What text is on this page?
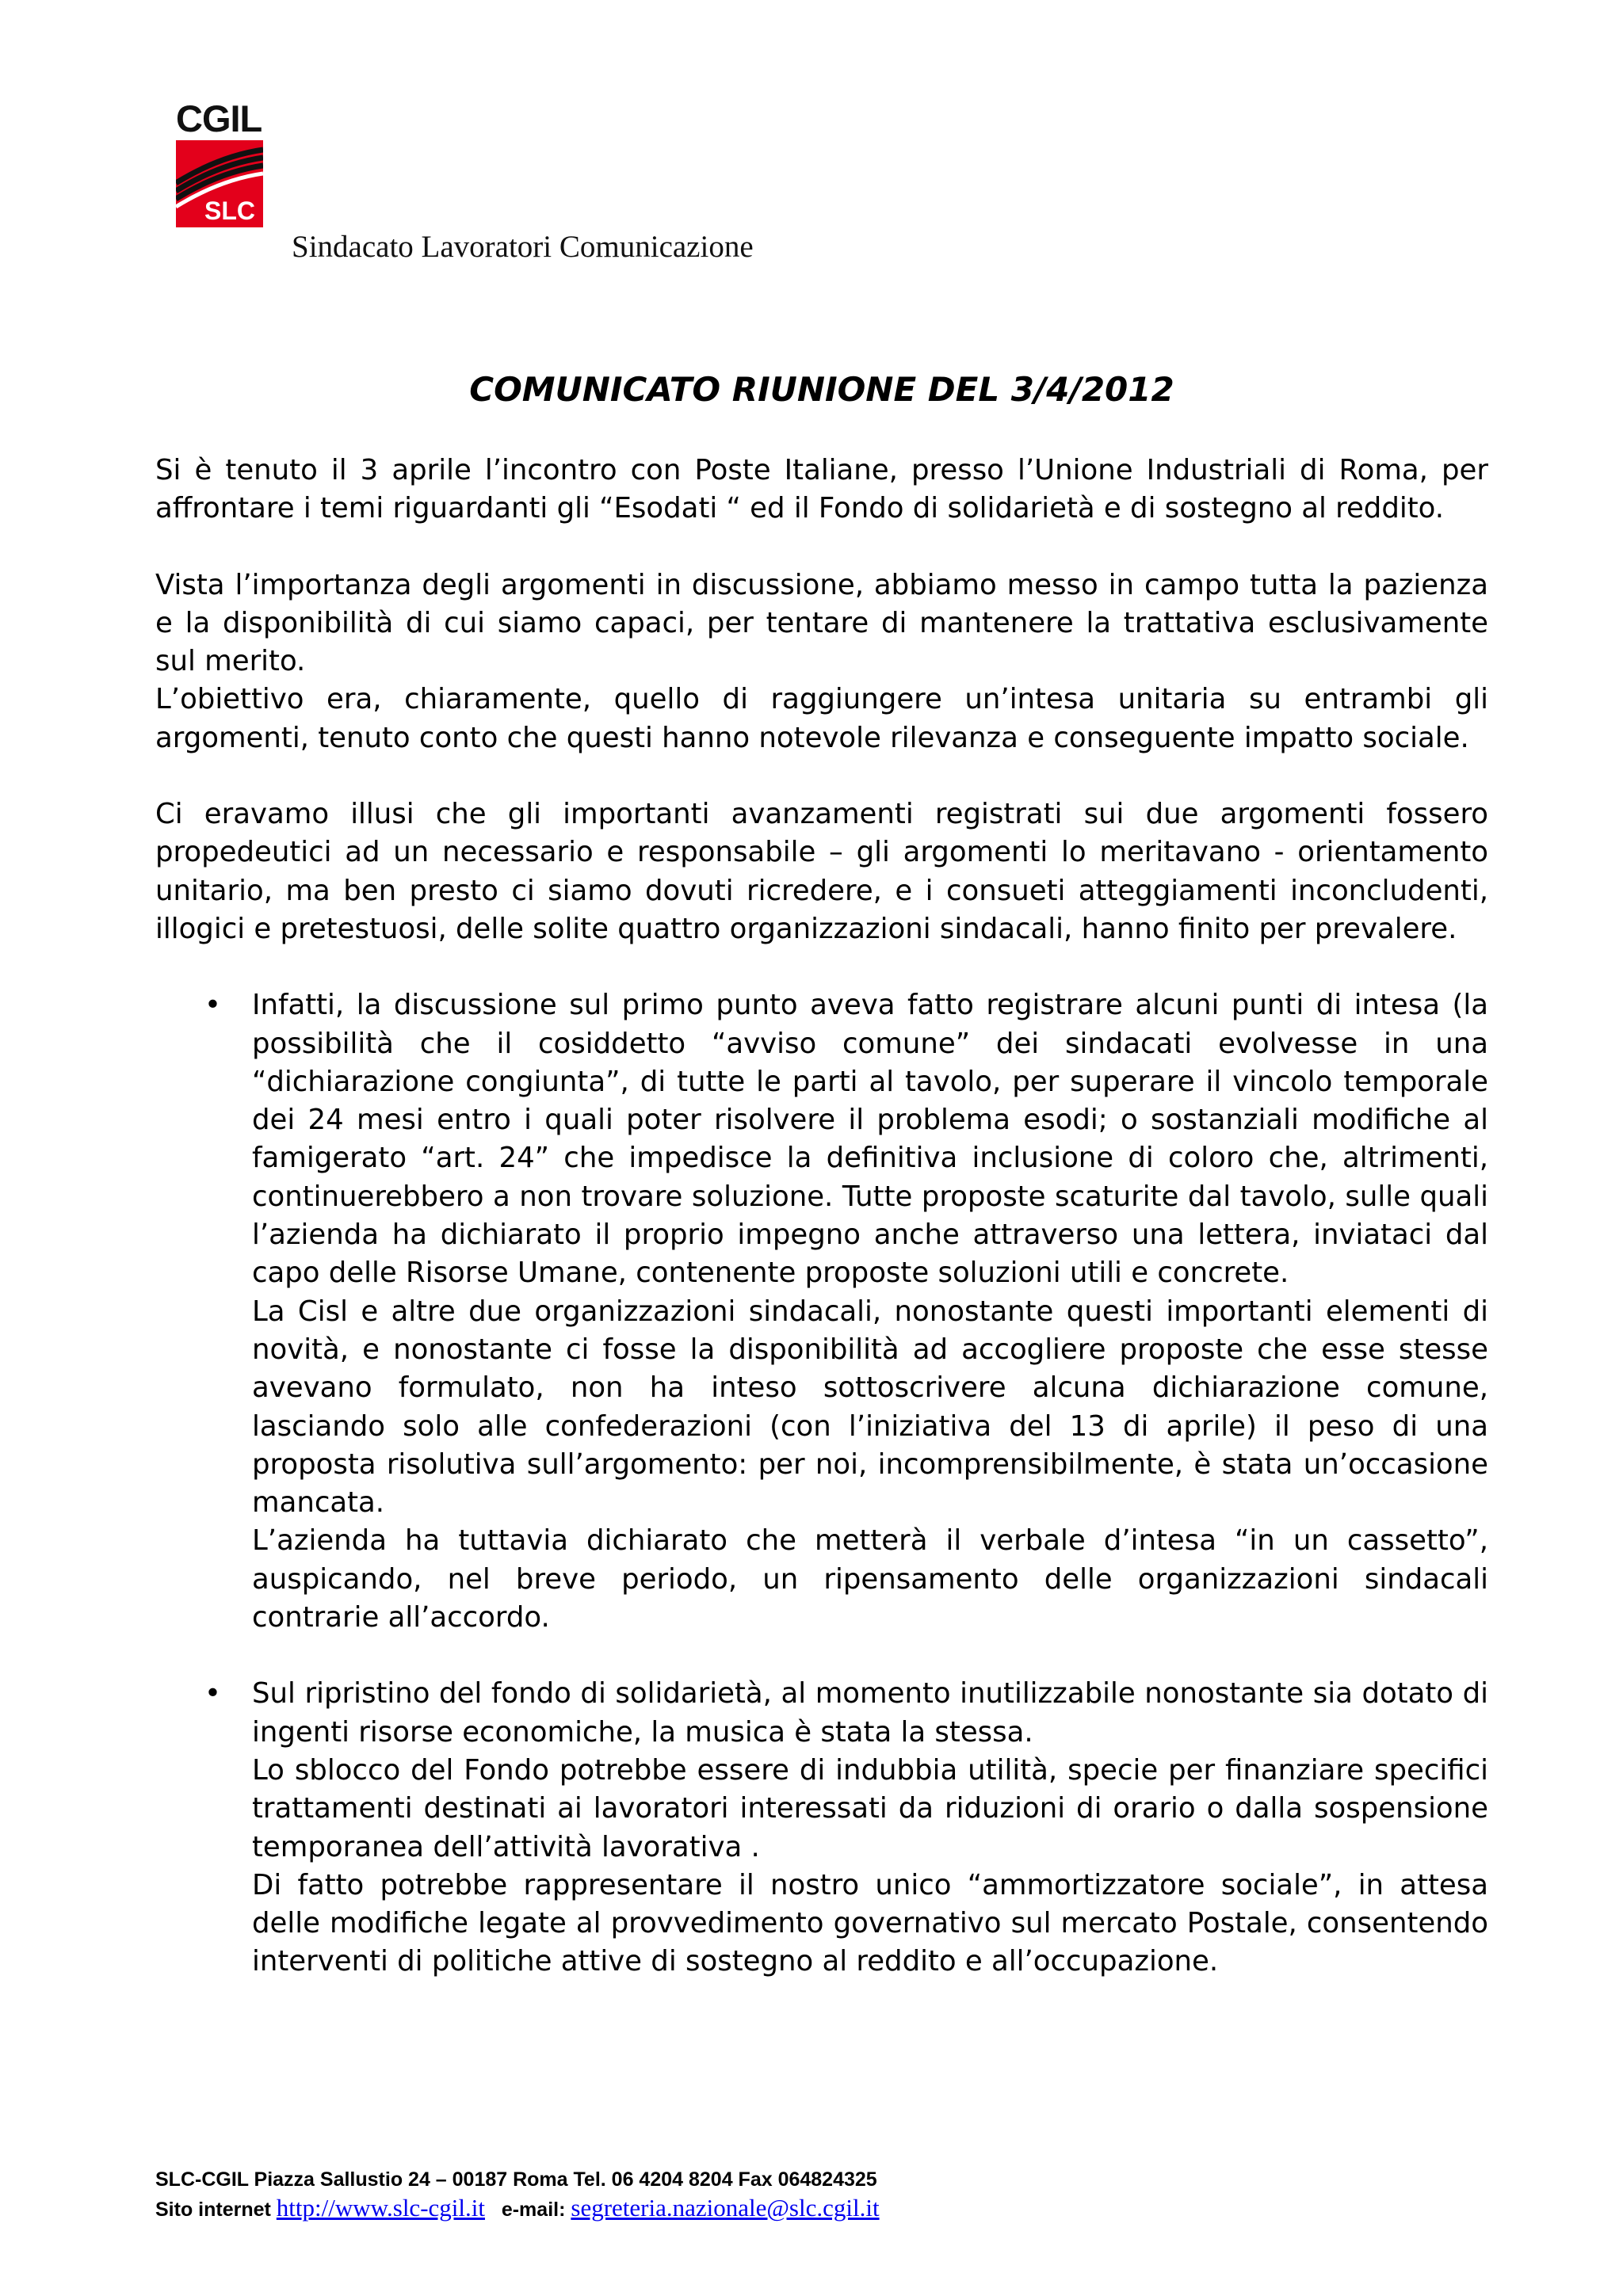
CGIL
SLC

Sindacato Lavoratori Comunicazione

COMUNICATO RIUNIONE DEL 3/4/2012

Si è tenuto il 3 aprile l’incontro con Poste Italiane, presso l’Unione Industriali di Roma, per affrontare i temi riguardanti gli “Esodati “ ed il Fondo di solidarietà e di sostegno al reddito.

Vista l’importanza degli argomenti in discussione, abbiamo messo in campo tutta la pazienza e la disponibilità di cui siamo capaci, per tentare di mantenere la trattativa esclusivamente sul merito.

L’obiettivo era, chiaramente, quello di raggiungere un’intesa unitaria su entrambi gli argomenti, tenuto conto che questi hanno notevole rilevanza e conseguente impatto sociale.

Ci eravamo illusi che gli importanti avanzamenti registrati sui due argomenti fossero propedeutici ad un necessario e responsabile – gli argomenti lo meritavano - orientamento unitario, ma ben presto ci siamo dovuti ricredere, e i consueti atteggiamenti inconcludenti, illogici e pretestuosi, delle solite quattro organizzazioni sindacali, hanno finito per prevalere.

• Infatti, la discussione sul primo punto aveva fatto registrare alcuni punti di intesa (la possibilità che il cosiddetto “avviso comune” dei sindacati evolvesse in una “dichiarazione congiunta”, di tutte le parti al tavolo, per superare il vincolo temporale dei 24 mesi entro i quali poter risolvere il problema esodi; o sostanziali modifiche al famigerato “art. 24” che impedisce la definitiva inclusione di coloro che, altrimenti, continuerebbero a non trovare soluzione. Tutte proposte scaturite dal tavolo, sulle quali l’azienda ha dichiarato il proprio impegno anche attraverso una lettera, inviataci dal capo delle Risorse Umane, contenente proposte soluzioni utili e concrete.

La Cisl e altre due organizzazioni sindacali, nonostante questi importanti elementi di novità, e nonostante ci fosse la disponibilità ad accogliere proposte che esse stesse avevano formulato, non ha inteso sottoscrivere alcuna dichiarazione comune, lasciando solo alle confederazioni (con l’iniziativa del 13 di aprile) il peso di una proposta risolutiva sull’argomento: per noi, incomprensibilmente, è stata un’occasione mancata.

L’azienda ha tuttavia dichiarato che metterà il verbale d’intesa “in un cassetto”, auspicando, nel breve periodo, un ripensamento delle organizzazioni sindacali contrarie all’accordo.

• Sul ripristino del fondo di solidarietà, al momento inutilizzabile nonostante sia dotato di ingenti risorse economiche, la musica è stata la stessa.

Lo sblocco del Fondo potrebbe essere di indubbia utilità, specie per finanziare specifici trattamenti destinati ai lavoratori interessati da riduzioni di orario o dalla sospensione temporanea dell’attività lavorativa .

Di fatto potrebbe rappresentare il nostro unico “ammortizzatore sociale”, in attesa delle modifiche legate al provvedimento governativo sul mercato Postale, consentendo interventi di politiche attive di sostegno al reddito e all’occupazione.

SLC-CGIL Piazza Sallustio 24 – 00187 Roma Tel. 06 4204 8204 Fax 064824325
Sito internet http://www.slc-cgil.it e-mail: segreteria.nazionale@slc.cgil.it
